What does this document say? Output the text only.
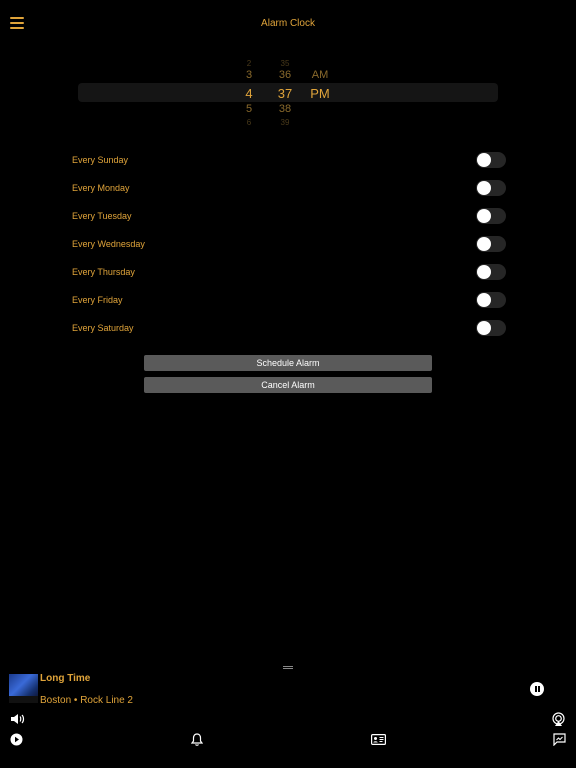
Alarm Clock
2
3
4
5
6
35
36
37
38
39
AM
PM
Every Sunday
Every Monday
Every Tuesday
Every Wednesday
Every Thursday
Every Friday
Every Saturday
Schedule Alarm
Cancel Alarm
Long Time
Boston • Rock Line 2
